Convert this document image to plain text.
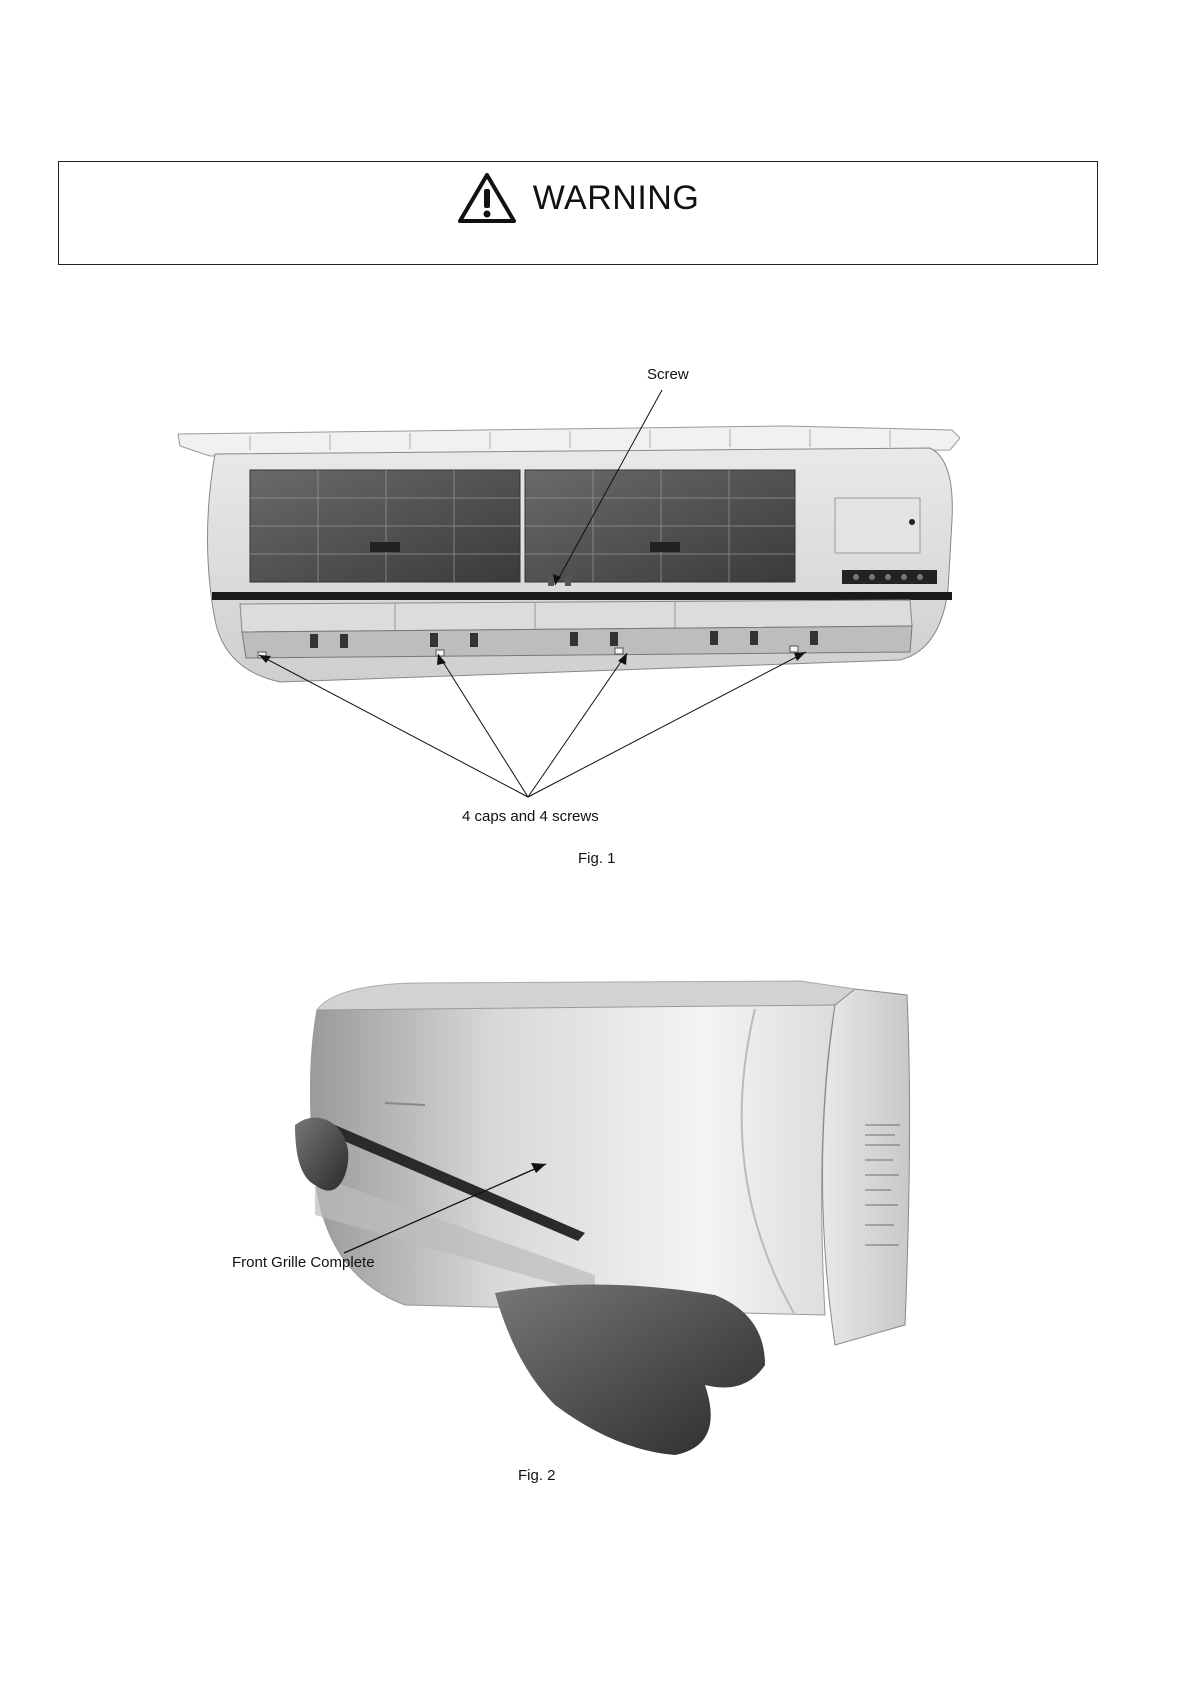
WARNING
Screw
4 caps and 4 screws
Fig. 1
Front Grille Complete
Fig. 2
